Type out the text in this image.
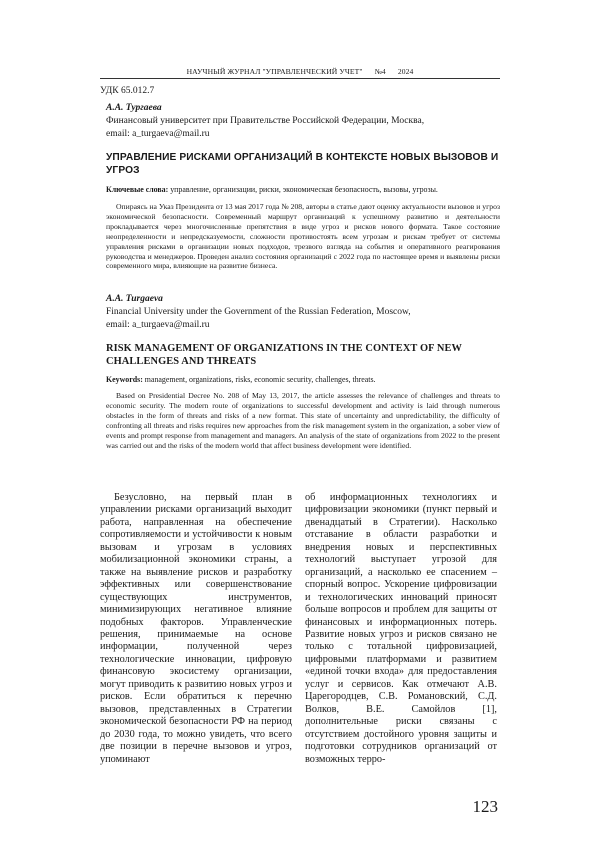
НАУЧНЫЙ ЖУРНАЛ "УПРАВЛЕНЧЕСКИЙ УЧЕТ" №4 2024
УДК 65.012.7
А.А. Тургаева
Финансовый университет при Правительстве Российской Федерации, Москва,
email: a_turgaeva@mail.ru
УПРАВЛЕНИЕ РИСКАМИ ОРГАНИЗАЦИЙ В КОНТЕКСТЕ НОВЫХ ВЫЗОВОВ И УГРОЗ
Ключевые слова: управление, организации, риски, экономическая безопасность, вызовы, угрозы.
Опираясь на Указ Президента от 13 мая 2017 года № 208, авторы в статье дают оценку актуальности вызовов и угроз экономической безопасности. Современный маршрут организаций к успешному развитию и деятельности прокладывается через многочисленные препятствия в виде угроз и рисков нового формата. Такое состояние неопределенности и непредсказуемости, сложности противостоять всем угрозам и рискам требует от системы управления рисками в организации новых подходов, трезвого взгляда на события и оперативного реагирования руководства и менеджеров. Проведен анализ состояния организаций с 2022 года по настоящее время и выявлены риски современного мира, влияющие на развитие бизнеса.
A.A. Turgaeva
Financial University under the Government of the Russian Federation, Moscow,
email: a_turgaeva@mail.ru
RISK MANAGEMENT OF ORGANIZATIONS IN THE CONTEXT OF NEW CHALLENGES AND THREATS
Keywords: management, organizations, risks, economic security, challenges, threats.
Based on Presidential Decree No. 208 of May 13, 2017, the article assesses the relevance of challenges and threats to economic security. The modern route of organizations to successful development and activity is laid through numerous obstacles in the form of threats and risks of a new format. This state of uncertainty and unpredictability, the difficulty of confronting all threats and risks requires new approaches from the risk management system in the organization, a sober view of events and prompt response from management and managers. An analysis of the state of organizations from 2022 to the present was carried out and the risks of the modern world that affect business development were identified.

Безусловно, на первый план в управлении рисками организаций выходит работа, направленная на обеспечение сопротивляемости и устойчивости к новым вызовам и угрозам в условиях мобилизационной экономики страны, а также на выявление рисков и разработку эффективных или совершенствование существующих инструментов, минимизирующих негативное влияние подобных факторов. Управленческие решения, принимаемые на основе информации, полученной через технологические инновации, цифровую финансовую экосистему организации, могут приводить к развитию новых угроз и рисков. Если обратиться к перечню вызовов, представленных в Стратегии экономической безопасности РФ на период до 2030 года, то можно увидеть, что всего две позиции в перечне вызовов и угроз, упоминают

об информационных технологиях и цифровизации экономики (пункт первый и двенадцатый в Стратегии). Насколько отставание в области разработки и внедрения новых и перспективных технологий выступает угрозой для организаций, а насколько ее спасением – спорный вопрос. Ускорение цифровизации и технологических инноваций приносят больше вопросов и проблем для защиты от финансовых и информационных потерь. Развитие новых угроз и рисков связано не только с тотальной цифровизацией, цифровыми платформами и развитием «единой точки входа» для предоставления услуг и сервисов. Как отмечают А.В. Царегородцев, С.В. Романовский, С.Д. Волков, В.Е. Самойлов [1], дополнительные риски связаны с отсутствием достойного уровня защиты и подготовки сотрудников организаций от возможных терро-

123
